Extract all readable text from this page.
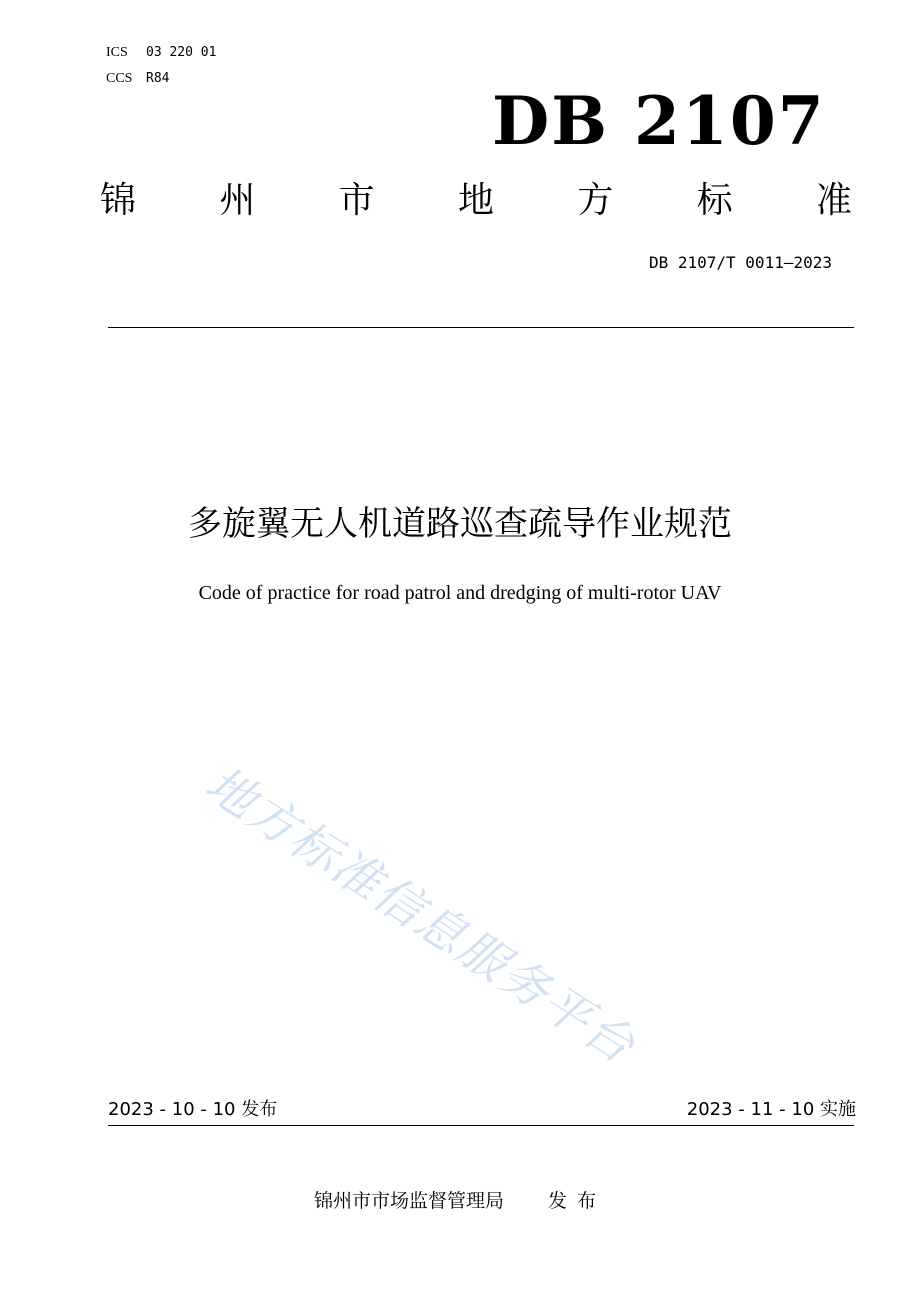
ICS 03 220 01
CCS R84
DB 2107
锦 州 市 地 方 标 准
DB 2107/T 0011—2023
多旋翼无人机道路巡查疏导作业规范
Code of practice for road patrol and dredging of multi-rotor UAV
地方标准信息服务平台
2023 - 10 - 10 发布	2023 - 11 - 10 实施
锦州市市场监督管理局 发布
